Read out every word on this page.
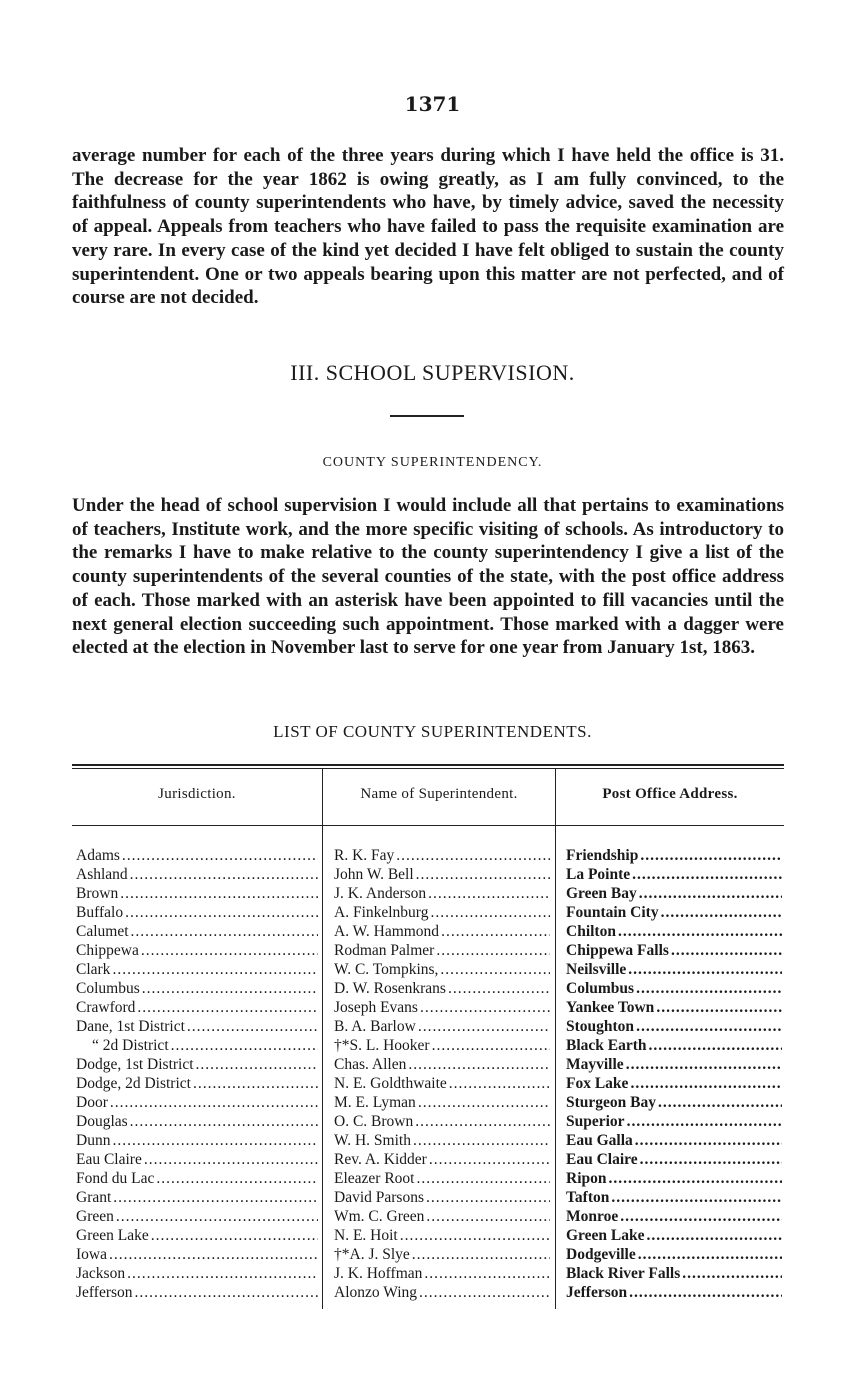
1371

average number for each of the three years during which I have held the office is 31. The decrease for the year 1862 is owing greatly, as I am fully convinced, to the faithfulness of county superintendents who have, by timely advice, saved the necessity of appeal. Appeals from teachers who have failed to pass the requisite examination are very rare. In every case of the kind yet decided I have felt obliged to sustain the county superintendent. One or two appeals bearing upon this matter are not perfected, and of course are not decided.

III. SCHOOL SUPERVISION.
COUNTY SUPERINTENDENCY.

Under the head of school supervision I would include all that pertains to examinations of teachers, Institute work, and the more specific visiting of schools. As introductory to the remarks I have to make relative to the county superintendency I give a list of the county superintendents of the several counties of the state, with the post office address of each. Those marked with an asterisk have been appointed to fill vacancies until the next general election succeeding such appointment. Those marked with a dagger were elected at the election in November last to serve for one year from January 1st, 1863.

LIST OF COUNTY SUPERINTENDENTS.
Jurisdiction.	Name of Superintendent.	Post Office Address.
Adams .....	R. K. Fay .....	Friendship
.....
Ashland .....	John W. Bell .....	La Pointe
.....
Brown .....	J. K. Anderson .....	Green Bay
.....
Buffalo .....	A. Finkelnburg .....	Fountain City
.....
Calumet .....	A. W. Hammond .....	Chilton
.....
Chippewa .....	Rodman Palmer .....	Chippewa Falls
.....
Clark .....	W. C. Tompkins, .....	Neilsville
.....
Columbus .....	D. W. Rosenkrans .....	Columbus
.....
Crawford .....	Joseph Evans .....	Yankee Town
.....
Dane, 1st District .....	B. A. Barlow .....	Stoughton
.....
“ 2d District .....	†*S. L. Hooker .....	Black Earth
.....
Dodge, 1st District .....	Chas. Allen .....	Mayville
.....
Dodge, 2d District .....	N. E. Goldthwaite .....	Fox Lake
.....
Door .....	M. E. Lyman .....	Sturgeon Bay
.....
Douglas .....	O. C. Brown .....	Superior
.....
Dunn .....	W. H. Smith .....	Eau Galla
.....
Eau Claire .....	Rev. A. Kidder .....	Eau Claire
.....
Fond du Lac .....	Eleazer Root .....	Ripon
.....
Grant .....	David Parsons .....	Tafton
.....
Green .....	Wm. C. Green .....	Monroe
.....
Green Lake .....	N. E. Hoit .....	Green Lake
.....
Iowa .....	†*A. J. Slye .....	Dodgeville
.....
Jackson .....	J. K. Hoffman .....	Black River Falls
.....
Jefferson .....	Alonzo Wing .....	Jefferson
.....
